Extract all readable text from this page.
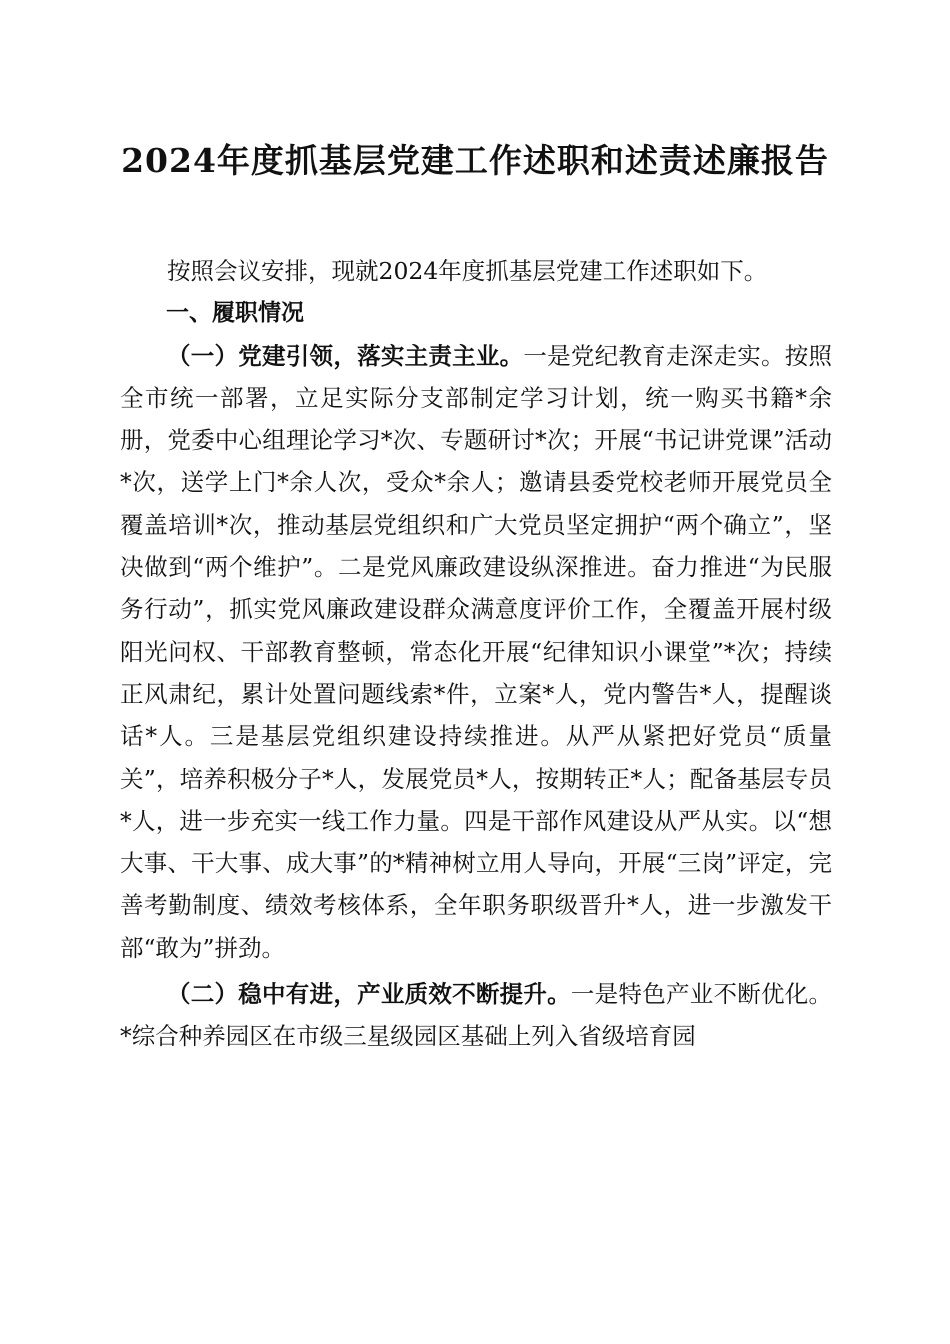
2024年度抓基层党建工作述职和述责述廉报告

按照会议安排，现就2024年度抓基层党建工作述职如下。

一、履职情况

（一）党建引领，落实主责主业。一是党纪教育走深走实。按照全市统一部署，立足实际分支部制定学习计划，统一购买书籍*余册，党委中心组理论学习*次、专题研讨*次；开展“书记讲党课”活动*次，送学上门*余人次，受众*余人；邀请县委党校老师开展党员全覆盖培训*次，推动基层党组织和广大党员坚定拥护“两个确立”，坚决做到“两个维护”。二是党风廉政建设纵深推进。奋力推进“为民服务行动”，抓实党风廉政建设群众满意度评价工作，全覆盖开展村级阳光问权、干部教育整顿，常态化开展“纪律知识小课堂”*次；持续正风肃纪，累计处置问题线索*件，立案*人，党内警告*人，提醒谈话*人。三是基层党组织建设持续推进。从严从紧把好党员“质量关”，培养积极分子*人，发展党员*人，按期转正*人；配备基层专员*人，进一步充实一线工作力量。四是干部作风建设从严从实。以“想大事、干大事、成大事”的*精神树立用人导向，开展“三岗”评定，完善考勤制度、绩效考核体系，全年职务职级晋升*人，进一步激发干部“敢为”拼劲。

（二）稳中有进，产业质效不断提升。一是特色产业不断优化。*综合种养园区在市级三星级园区基础上列入省级培育园
